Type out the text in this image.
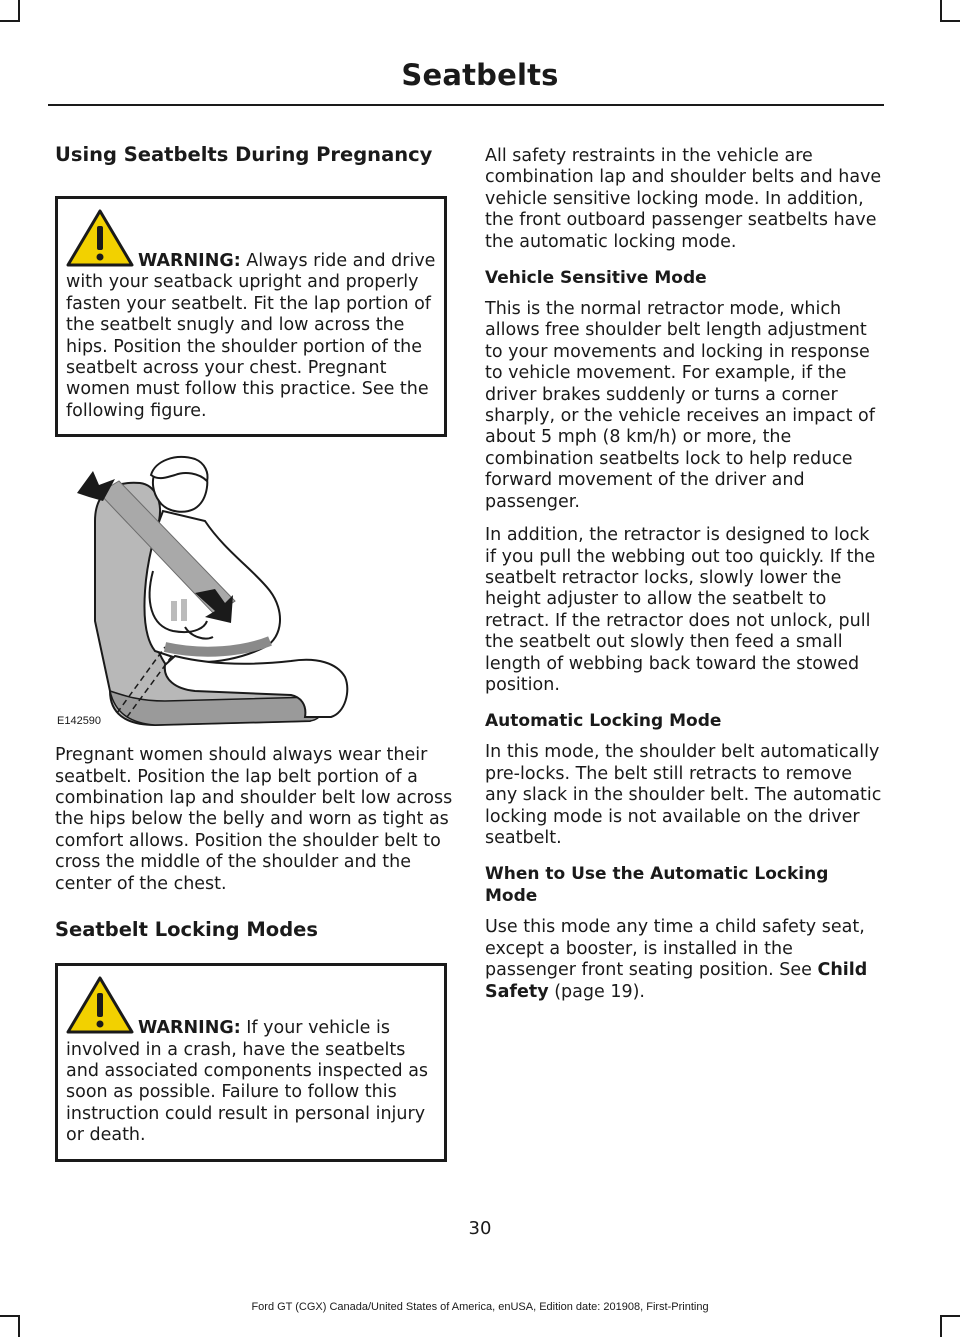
Seatbelts
Using Seatbelts During Pregnancy

WARNING: Always ride and drive with your seatback upright and properly fasten your seatbelt. Fit the lap portion of the seatbelt snugly and low across the hips. Position the shoulder portion of the seatbelt across your chest. Pregnant women must follow this practice. See the following figure.

E142590

Pregnant women should always wear their seatbelt. Position the lap belt portion of a combination lap and shoulder belt low across the hips below the belly and worn as tight as comfort allows. Position the shoulder belt to cross the middle of the shoulder and the center of the chest.

Seatbelt Locking Modes

WARNING: If your vehicle is involved in a crash, have the seatbelts and associated components inspected as soon as possible. Failure to follow this instruction could result in personal injury or death.

All safety restraints in the vehicle are combination lap and shoulder belts and have vehicle sensitive locking mode. In addition, the front outboard passenger seatbelts have the automatic locking mode.

Vehicle Sensitive Mode

This is the normal retractor mode, which allows free shoulder belt length adjustment to your movements and locking in response to vehicle movement. For example, if the driver brakes suddenly or turns a corner sharply, or the vehicle receives an impact of about 5 mph (8 km/h) or more, the combination seatbelts lock to help reduce forward movement of the driver and passenger.

In addition, the retractor is designed to lock if you pull the webbing out too quickly. If the seatbelt retractor locks, slowly lower the height adjuster to allow the seatbelt to retract. If the retractor does not unlock, pull the seatbelt out slowly then feed a small length of webbing back toward the stowed position.

Automatic Locking Mode

In this mode, the shoulder belt automatically pre-locks. The belt still retracts to remove any slack in the shoulder belt. The automatic locking mode is not available on the driver seatbelt.

When to Use the Automatic Locking Mode

Use this mode any time a child safety seat, except a booster, is installed in the passenger front seating position. See Child Safety (page 19).

30
Ford GT (CGX) Canada/United States of America, enUSA, Edition date: 201908, First-Printing
